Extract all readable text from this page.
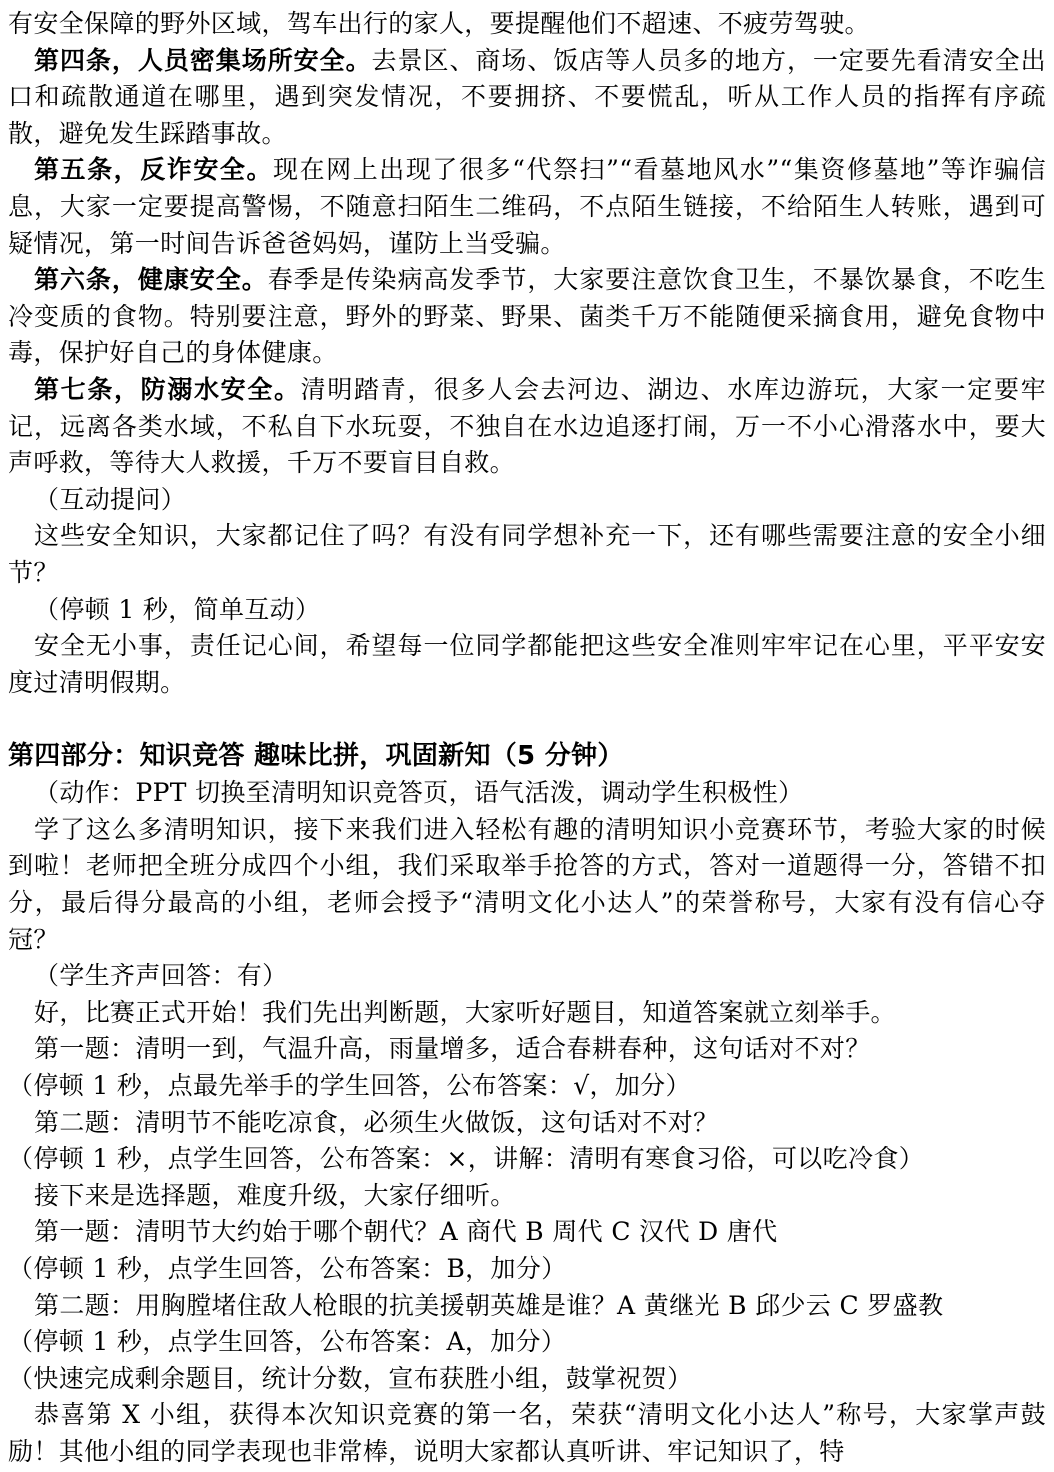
有安全保障的野外区域，驾车出行的家人，要提醒他们不超速、不疲劳驾驶。

第四条，人员密集场所安全。去景区、商场、饭店等人员多的地方，一定要先看清安全出口和疏散通道在哪里，遇到突发情况，不要拥挤、不要慌乱，听从工作人员的指挥有序疏散，避免发生踩踏事故。

第五条，反诈安全。现在网上出现了很多“代祭扫”“看墓地风水”“集资修墓地”等诈骗信息，大家一定要提高警惕，不随意扫陌生二维码，不点陌生链接，不给陌生人转账，遇到可疑情况，第一时间告诉爸爸妈妈，谨防上当受骗。

第六条，健康安全。春季是传染病高发季节，大家要注意饮食卫生，不暴饮暴食，不吃生冷变质的食物。特别要注意，野外的野菜、野果、菌类千万不能随便采摘食用，避免食物中毒，保护好自己的身体健康。

第七条，防溺水安全。清明踏青，很多人会去河边、湖边、水库边游玩，大家一定要牢记，远离各类水域，不私自下水玩耍，不独自在水边追逐打闹，万一不小心滑落水中，要大声呼救，等待大人救援，千万不要盲目自救。

（互动提问）

这些安全知识，大家都记住了吗？有没有同学想补充一下，还有哪些需要注意的安全小细节？

（停顿 1 秒，简单互动）

安全无小事，责任记心间，希望每一位同学都能把这些安全准则牢牢记在心里，平平安安度过清明假期。

第四部分：知识竞答 趣味比拼，巩固新知（5 分钟）

（动作：PPT 切换至清明知识竞答页，语气活泼，调动学生积极性）

学了这么多清明知识，接下来我们进入轻松有趣的清明知识小竞赛环节，考验大家的时候到啦！老师把全班分成四个小组，我们采取举手抢答的方式，答对一道题得一分，答错不扣分，最后得分最高的小组，老师会授予“清明文化小达人”的荣誉称号，大家有没有信心夺冠？

（学生齐声回答：有）

好，比赛正式开始！我们先出判断题，大家听好题目，知道答案就立刻举手。

第一题：清明一到，气温升高，雨量增多，适合春耕春种，这句话对不对？

（停顿 1 秒，点最先举手的学生回答，公布答案：√，加分）

第二题：清明节不能吃凉食，必须生火做饭，这句话对不对？

（停顿 1 秒，点学生回答，公布答案：×，讲解：清明有寒食习俗，可以吃冷食）

接下来是选择题，难度升级，大家仔细听。

第一题：清明节大约始于哪个朝代？A 商代 B 周代 C 汉代 D 唐代

（停顿 1 秒，点学生回答，公布答案：B，加分）

第二题：用胸膛堵住敌人枪眼的抗美援朝英雄是谁？A 黄继光 B 邱少云 C 罗盛教

（停顿 1 秒，点学生回答，公布答案：A，加分）

（快速完成剩余题目，统计分数，宣布获胜小组，鼓掌祝贺）

恭喜第 X 小组，获得本次知识竞赛的第一名，荣获“清明文化小达人”称号，大家掌声鼓励！其他小组的同学表现也非常棒，说明大家都认真听讲、牢记知识了，特
